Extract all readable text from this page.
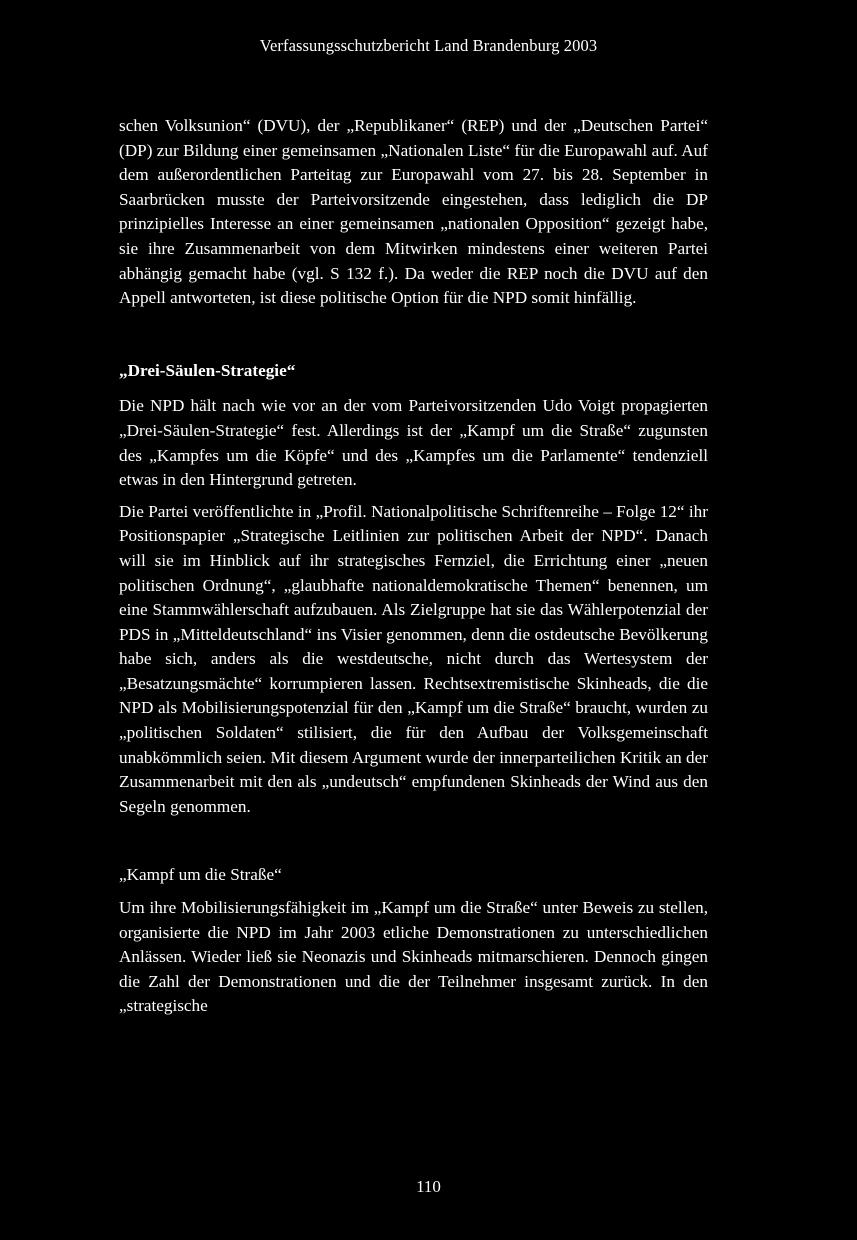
Verfassungsschutzbericht Land Brandenburg 2003

schen Volksunion“ (DVU), der „Republikaner“ (REP) und der „Deutschen Partei“ (DP) zur Bildung einer gemeinsamen „Nationalen Liste“ für die Europawahl auf. Auf dem außerordentlichen Parteitag zur Europawahl vom 27. bis 28. September in Saarbrücken musste der Parteivorsitzende eingestehen, dass lediglich die DP prinzipielles Interesse an einer gemeinsamen „nationalen Opposition“ gezeigt habe, sie ihre Zusammenarbeit von dem Mitwirken mindestens einer weiteren Partei abhängig gemacht habe (vgl. S 132 f.). Da weder die REP noch die DVU auf den Appell antworteten, ist diese politische Option für die NPD somit hinfällig.

„Drei-Säulen-Strategie“

Die NPD hält nach wie vor an der vom Parteivorsitzenden Udo Voigt propagierten „Drei-Säulen-Strategie“ fest. Allerdings ist der „Kampf um die Straße“ zugunsten des „Kampfes um die Köpfe“ und des „Kampfes um die Parlamente“ tendenziell etwas in den Hintergrund getreten.

Die Partei veröffentlichte in „Profil. Nationalpolitische Schriftenreihe – Folge 12“ ihr Positionspapier „Strategische Leitlinien zur politischen Arbeit der NPD“. Danach will sie im Hinblick auf ihr strategisches Fernziel, die Errichtung einer „neuen politischen Ordnung“, „glaubhafte nationaldemokratische Themen“ benennen, um eine Stammwählerschaft aufzubauen. Als Zielgruppe hat sie das Wählerpotenzial der PDS in „Mitteldeutschland“ ins Visier genommen, denn die ostdeutsche Bevölkerung habe sich, anders als die westdeutsche, nicht durch das Wertesystem der „Besatzungsmächte“ korrumpieren lassen. Rechtsextremistische Skinheads, die die NPD als Mobilisierungspotenzial für den „Kampf um die Straße“ braucht, wurden zu „politischen Soldaten“ stilisiert, die für den Aufbau der Volksgemeinschaft unabkömmlich seien. Mit diesem Argument wurde der innerparteilichen Kritik an der Zusammenarbeit mit den als „undeutsch“ empfundenen Skinheads der Wind aus den Segeln genommen.

„Kampf um die Straße“

Um ihre Mobilisierungsfähigkeit im „Kampf um die Straße“ unter Beweis zu stellen, organisierte die NPD im Jahr 2003 etliche Demonstrationen zu unterschiedlichen Anlässen. Wieder ließ sie Neonazis und Skinheads mitmarschieren. Dennoch gingen die Zahl der Demonstrationen und die der Teilnehmer insgesamt zurück. In den „strategische

110
